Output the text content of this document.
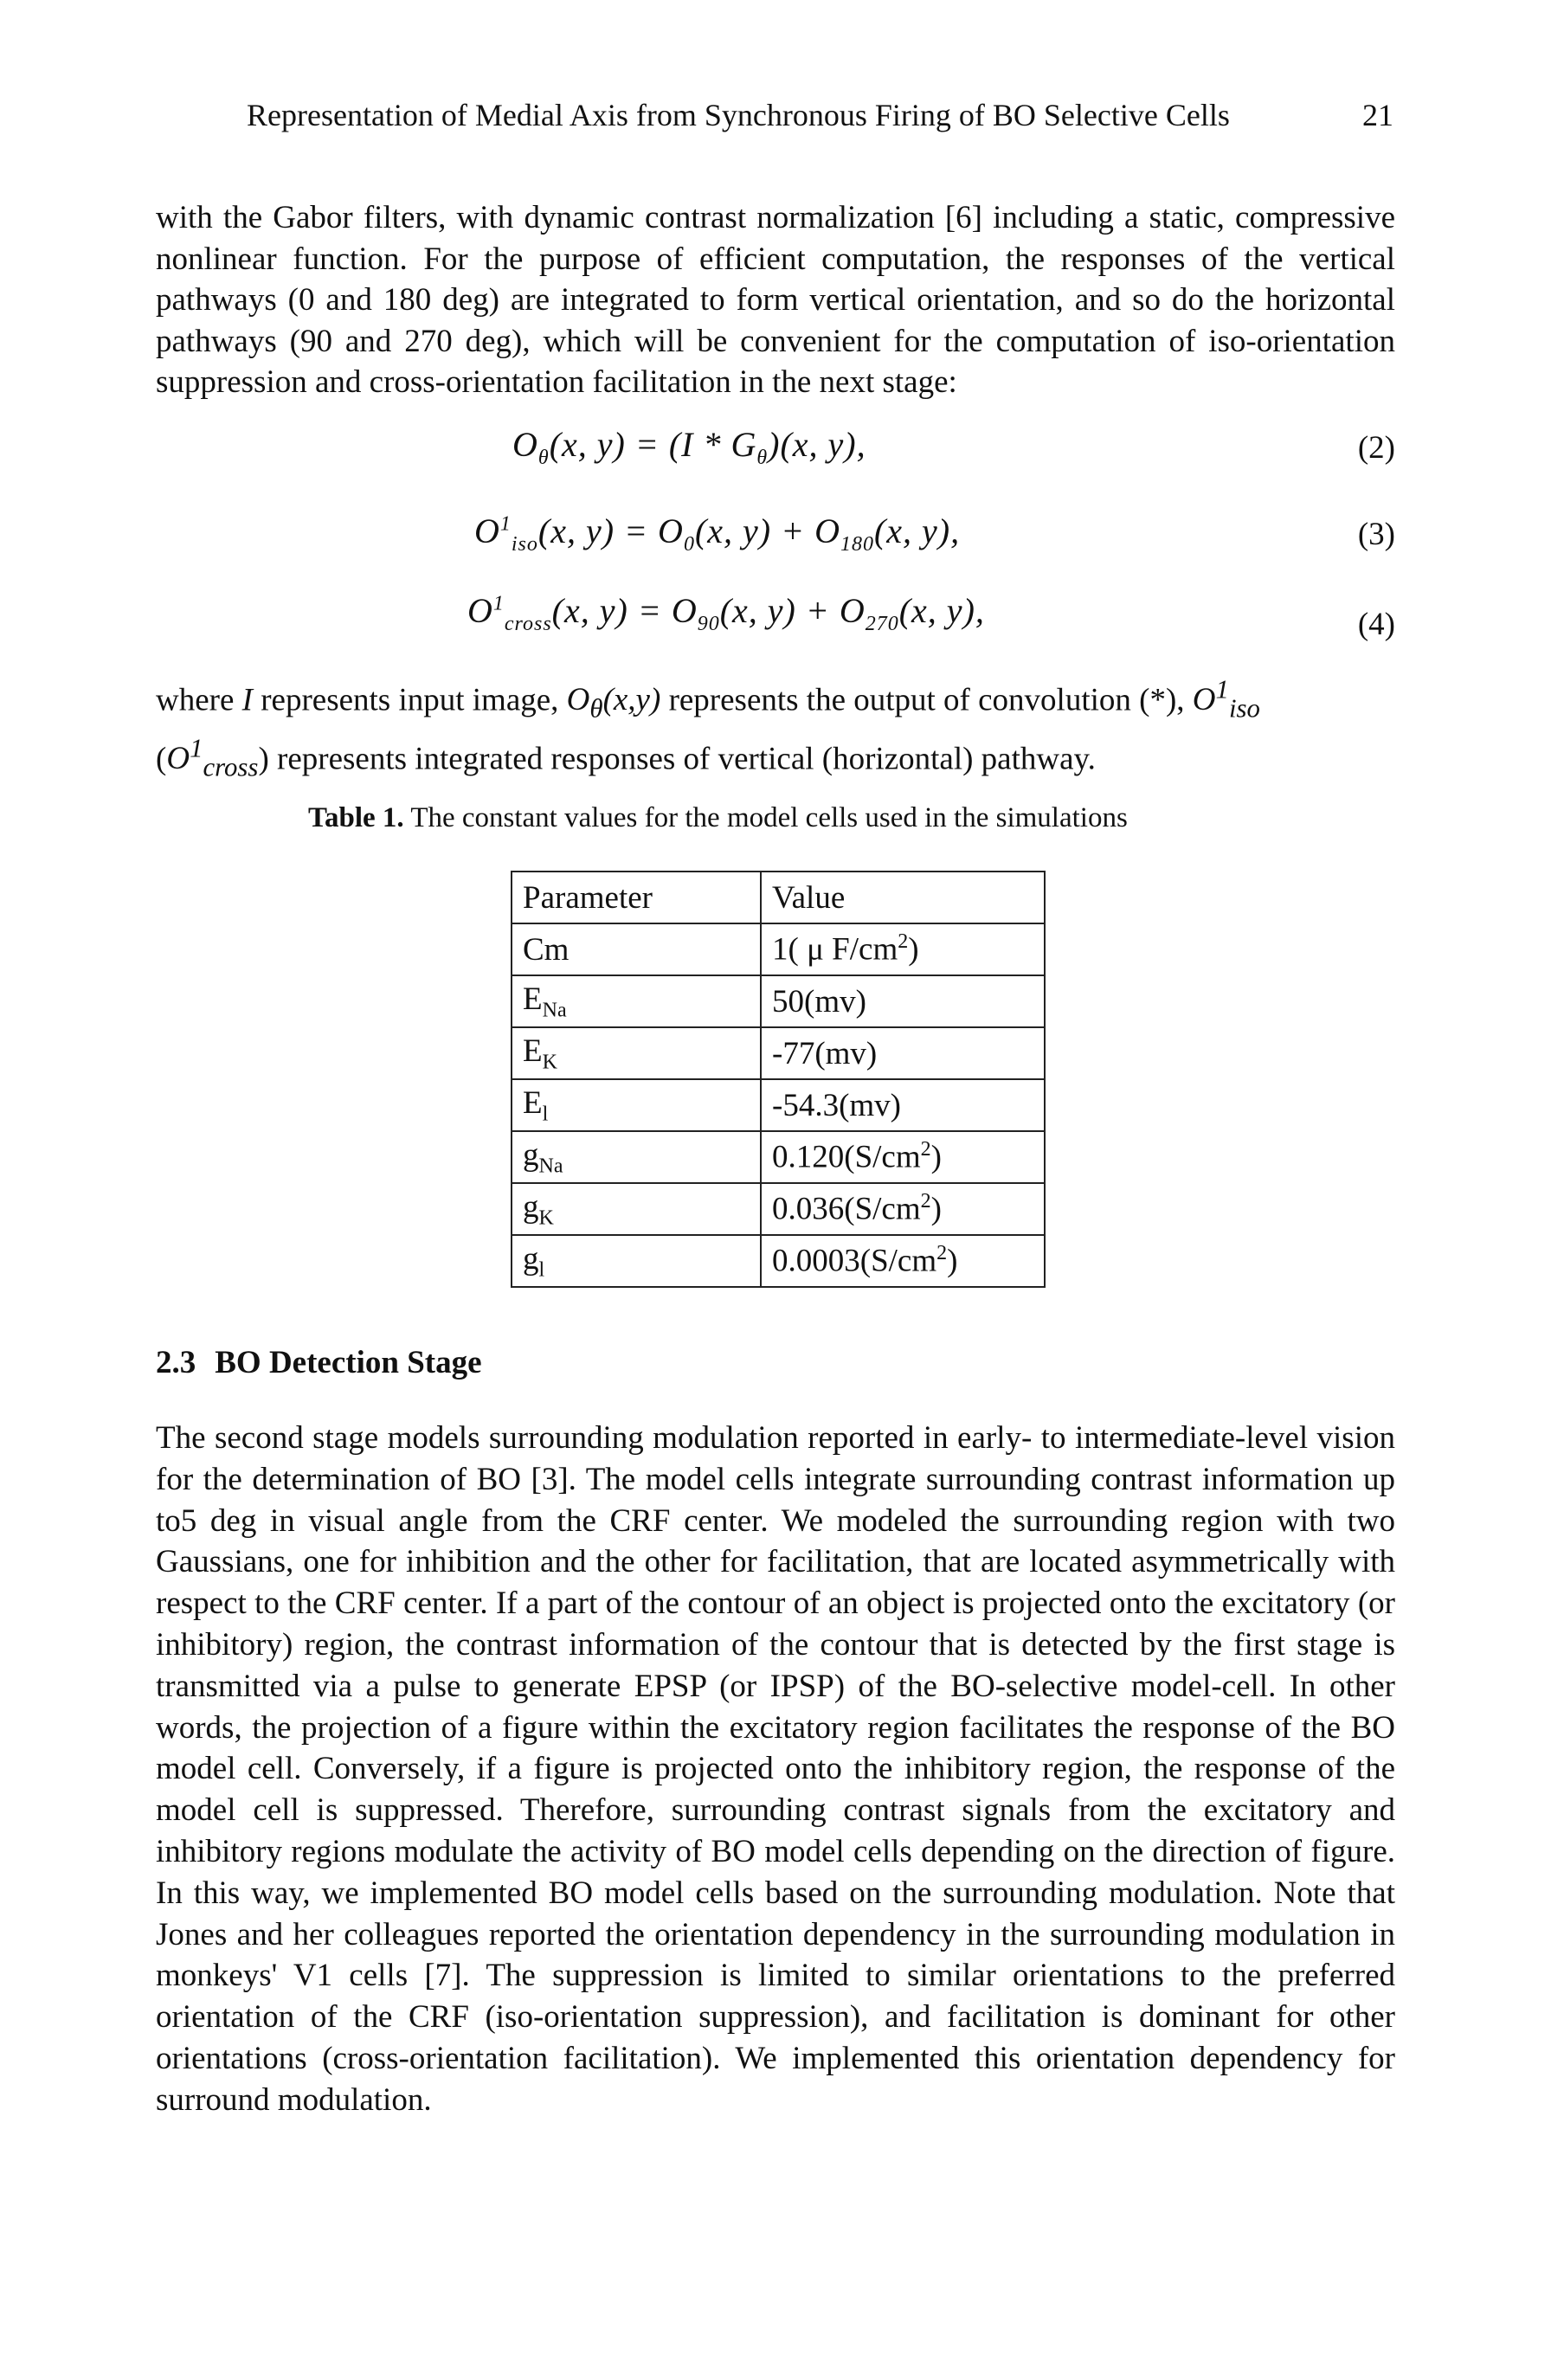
Representation of Medial Axis from Synchronous Firing of BO Selective Cells	21
with the Gabor filters, with dynamic contrast normalization [6] including a static, compressive nonlinear function. For the purpose of efficient computation, the responses of the vertical pathways (0 and 180 deg) are integrated to form vertical orientation, and so do the horizontal pathways (90 and 270 deg), which will be convenient for the computation of iso-orientation suppression and cross-orientation facilitation in the next stage:
$O_\theta(x$, $y) = (I * G_\theta)(x$, y),	(2)
$O^1_{iso}(x$, $y) = O_0(x$, $y) + O_{180}(x$, y),	(3)
$O^1_{cross}(x$, $y) = O_{90}(x$, $y) + O_{270}(x$, y),	(4)
where I represents input image, $O_\theta(x,y)$ represents the output of convolution (*), $O^1_{iso}$
$(O^1_{cross})$ represents integrated responses of vertical (horizontal) pathway.
Table 1. The constant values for the model cells used in the simulations
Parameter	Value
Cm	1( μ $F/cm^2$)
$E_{Na}$	50(mv)
$E_K$	-77(mv)
$E_l$	-54.3(mv)
$g_{Na}$	$0.120(S/cm^2)$
$g_K$	$0.036(S/cm^2)$
$g_l$	$0.0003(S/cm^2)$
2.3 BO Detection Stage
The second stage models surrounding modulation reported in early- to intermediate-level vision for the determination of BO [3]. The model cells integrate surrounding contrast information up to5 deg in visual angle from the CRF center. We modeled the surrounding region with two Gaussians, one for inhibition and the other for facilitation, that are located asymmetrically with respect to the CRF center. If a part of the contour of an object is projected onto the excitatory (or inhibitory) region, the contrast information of the contour that is detected by the first stage is transmitted via a pulse to generate EPSP (or IPSP) of the BO-selective model-cell. In other words, the projection of a figure within the excitatory region facilitates the response of the BO model cell. Conversely, if a figure is projected onto the inhibitory region, the response of the model cell is suppressed. Therefore, surrounding contrast signals from the excitatory and inhibitory regions modulate the activity of BO model cells depending on the direction of figure. In this way, we implemented BO model cells based on the surrounding modulation. Note that Jones and her colleagues reported the orientation dependency in the surrounding modulation in monkeys' V1 cells [7]. The suppression is limited to similar orientations to the preferred orientation of the CRF (iso-orientation suppression), and facilitation is dominant for other orientations (cross-orientation facilitation). We implemented this orientation dependency for surround modulation.
